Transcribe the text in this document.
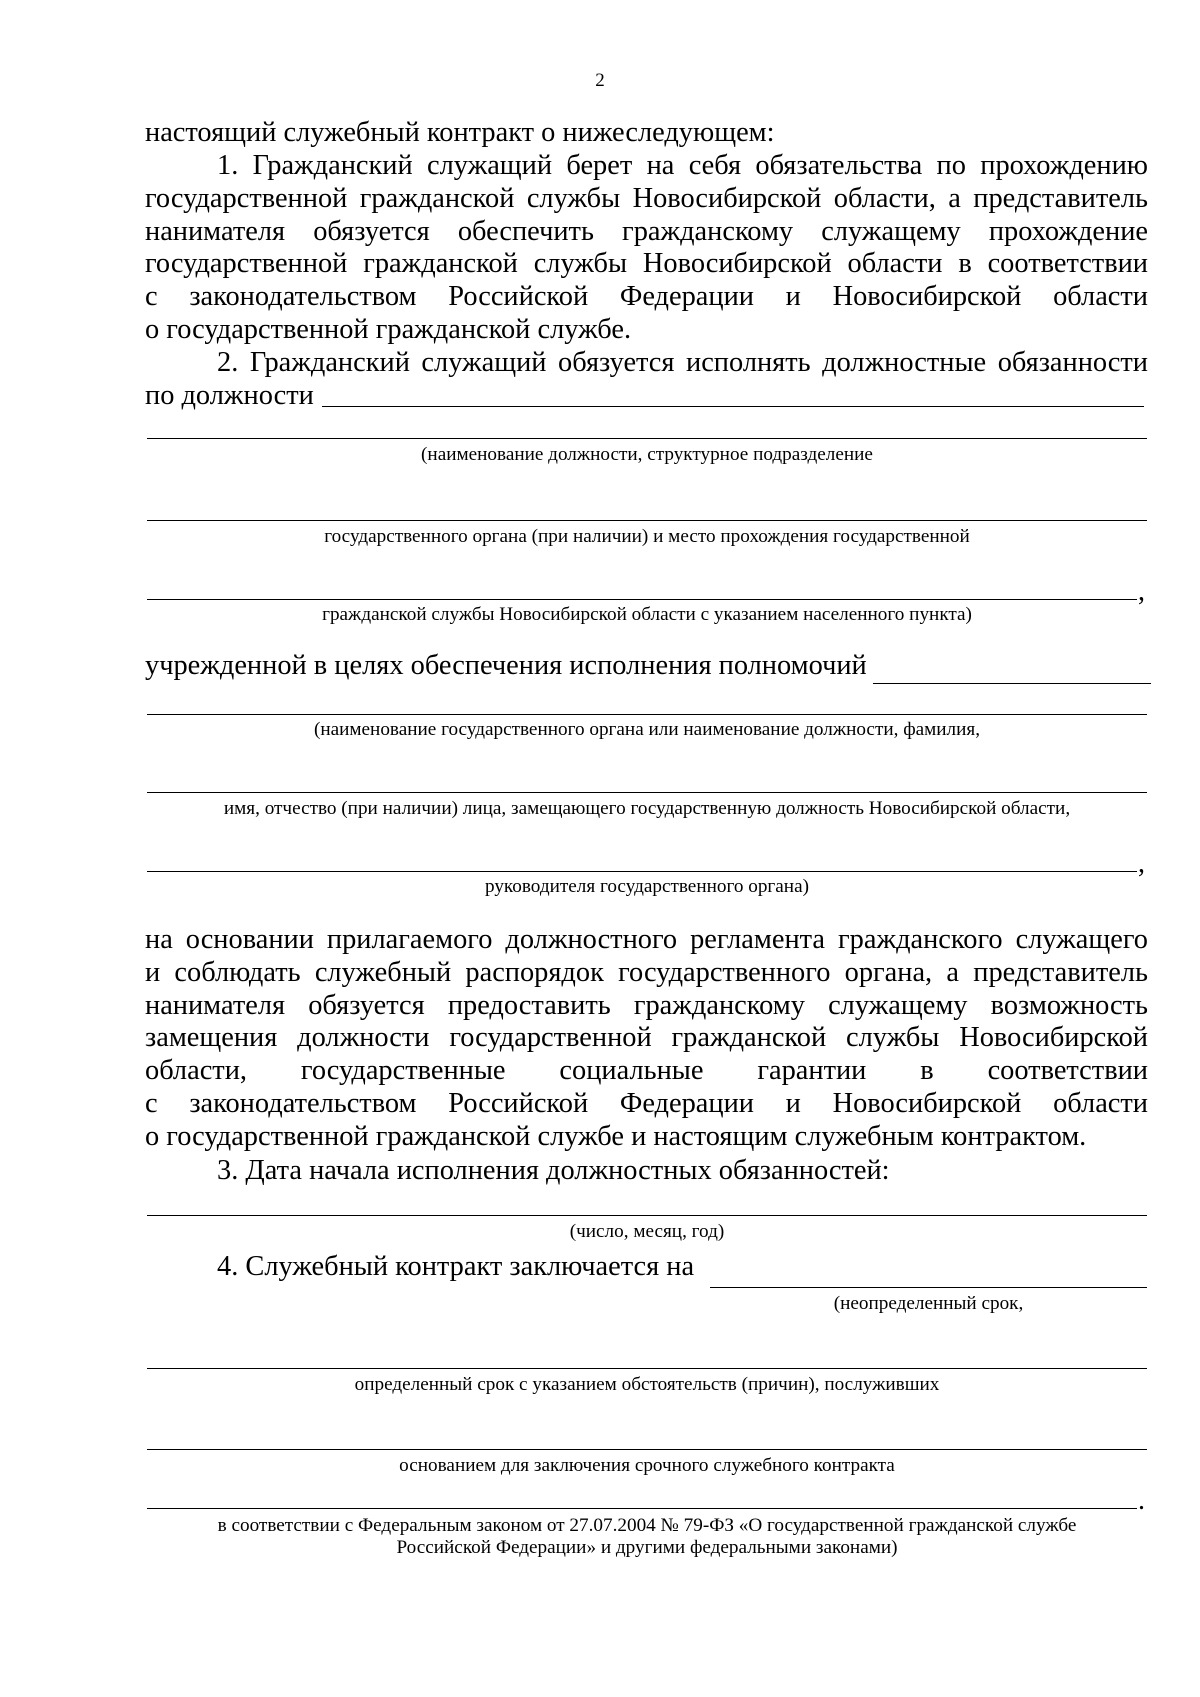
2

настоящий служебный контракт о нижеследующем:

1. Гражданский служащий берет на себя обязательства по прохождению
государственной гражданской службы Новосибирской области, а представитель
нанимателя обязуется обеспечить гражданскому служащему прохождение
государственной гражданской службы Новосибирской области в соответствии
с законодательством Российской Федерации и Новосибирской области
о государственной гражданской службе.
2. Гражданский служащий обязуется исполнять должностные обязанности
по должности
(наименование должности, структурное подразделение
государственного органа (при наличии) и место прохождения государственной
,
гражданской службы Новосибирской области с указанием населенного пункта)
учрежденной в целях обеспечения исполнения полномочий
(наименование государственного органа или наименование должности, фамилия,
имя, отчество (при наличии) лица, замещающего государственную должность Новосибирской области,
,
руководителя государственного органа)
на основании прилагаемого должностного регламента гражданского служащего
и соблюдать служебный распорядок государственного органа, а представитель
нанимателя обязуется предоставить гражданскому служащему возможность
замещения должности государственной гражданской службы Новосибирской
области, государственные социальные гарантии в соответствии
с законодательством Российской Федерации и Новосибирской области
о государственной гражданской службе и настоящим служебным контрактом.
3. Дата начала исполнения должностных обязанностей:
(число, месяц, год)
4. Служебный контракт заключается на
(неопределенный срок,
определенный срок с указанием обстоятельств (причин), послуживших
основанием для заключения срочного служебного контракта
.
в соответствии с Федеральным законом от 27.07.2004 № 79-ФЗ «О государственной гражданской службе
Российской Федерации» и другими федеральными законами)
